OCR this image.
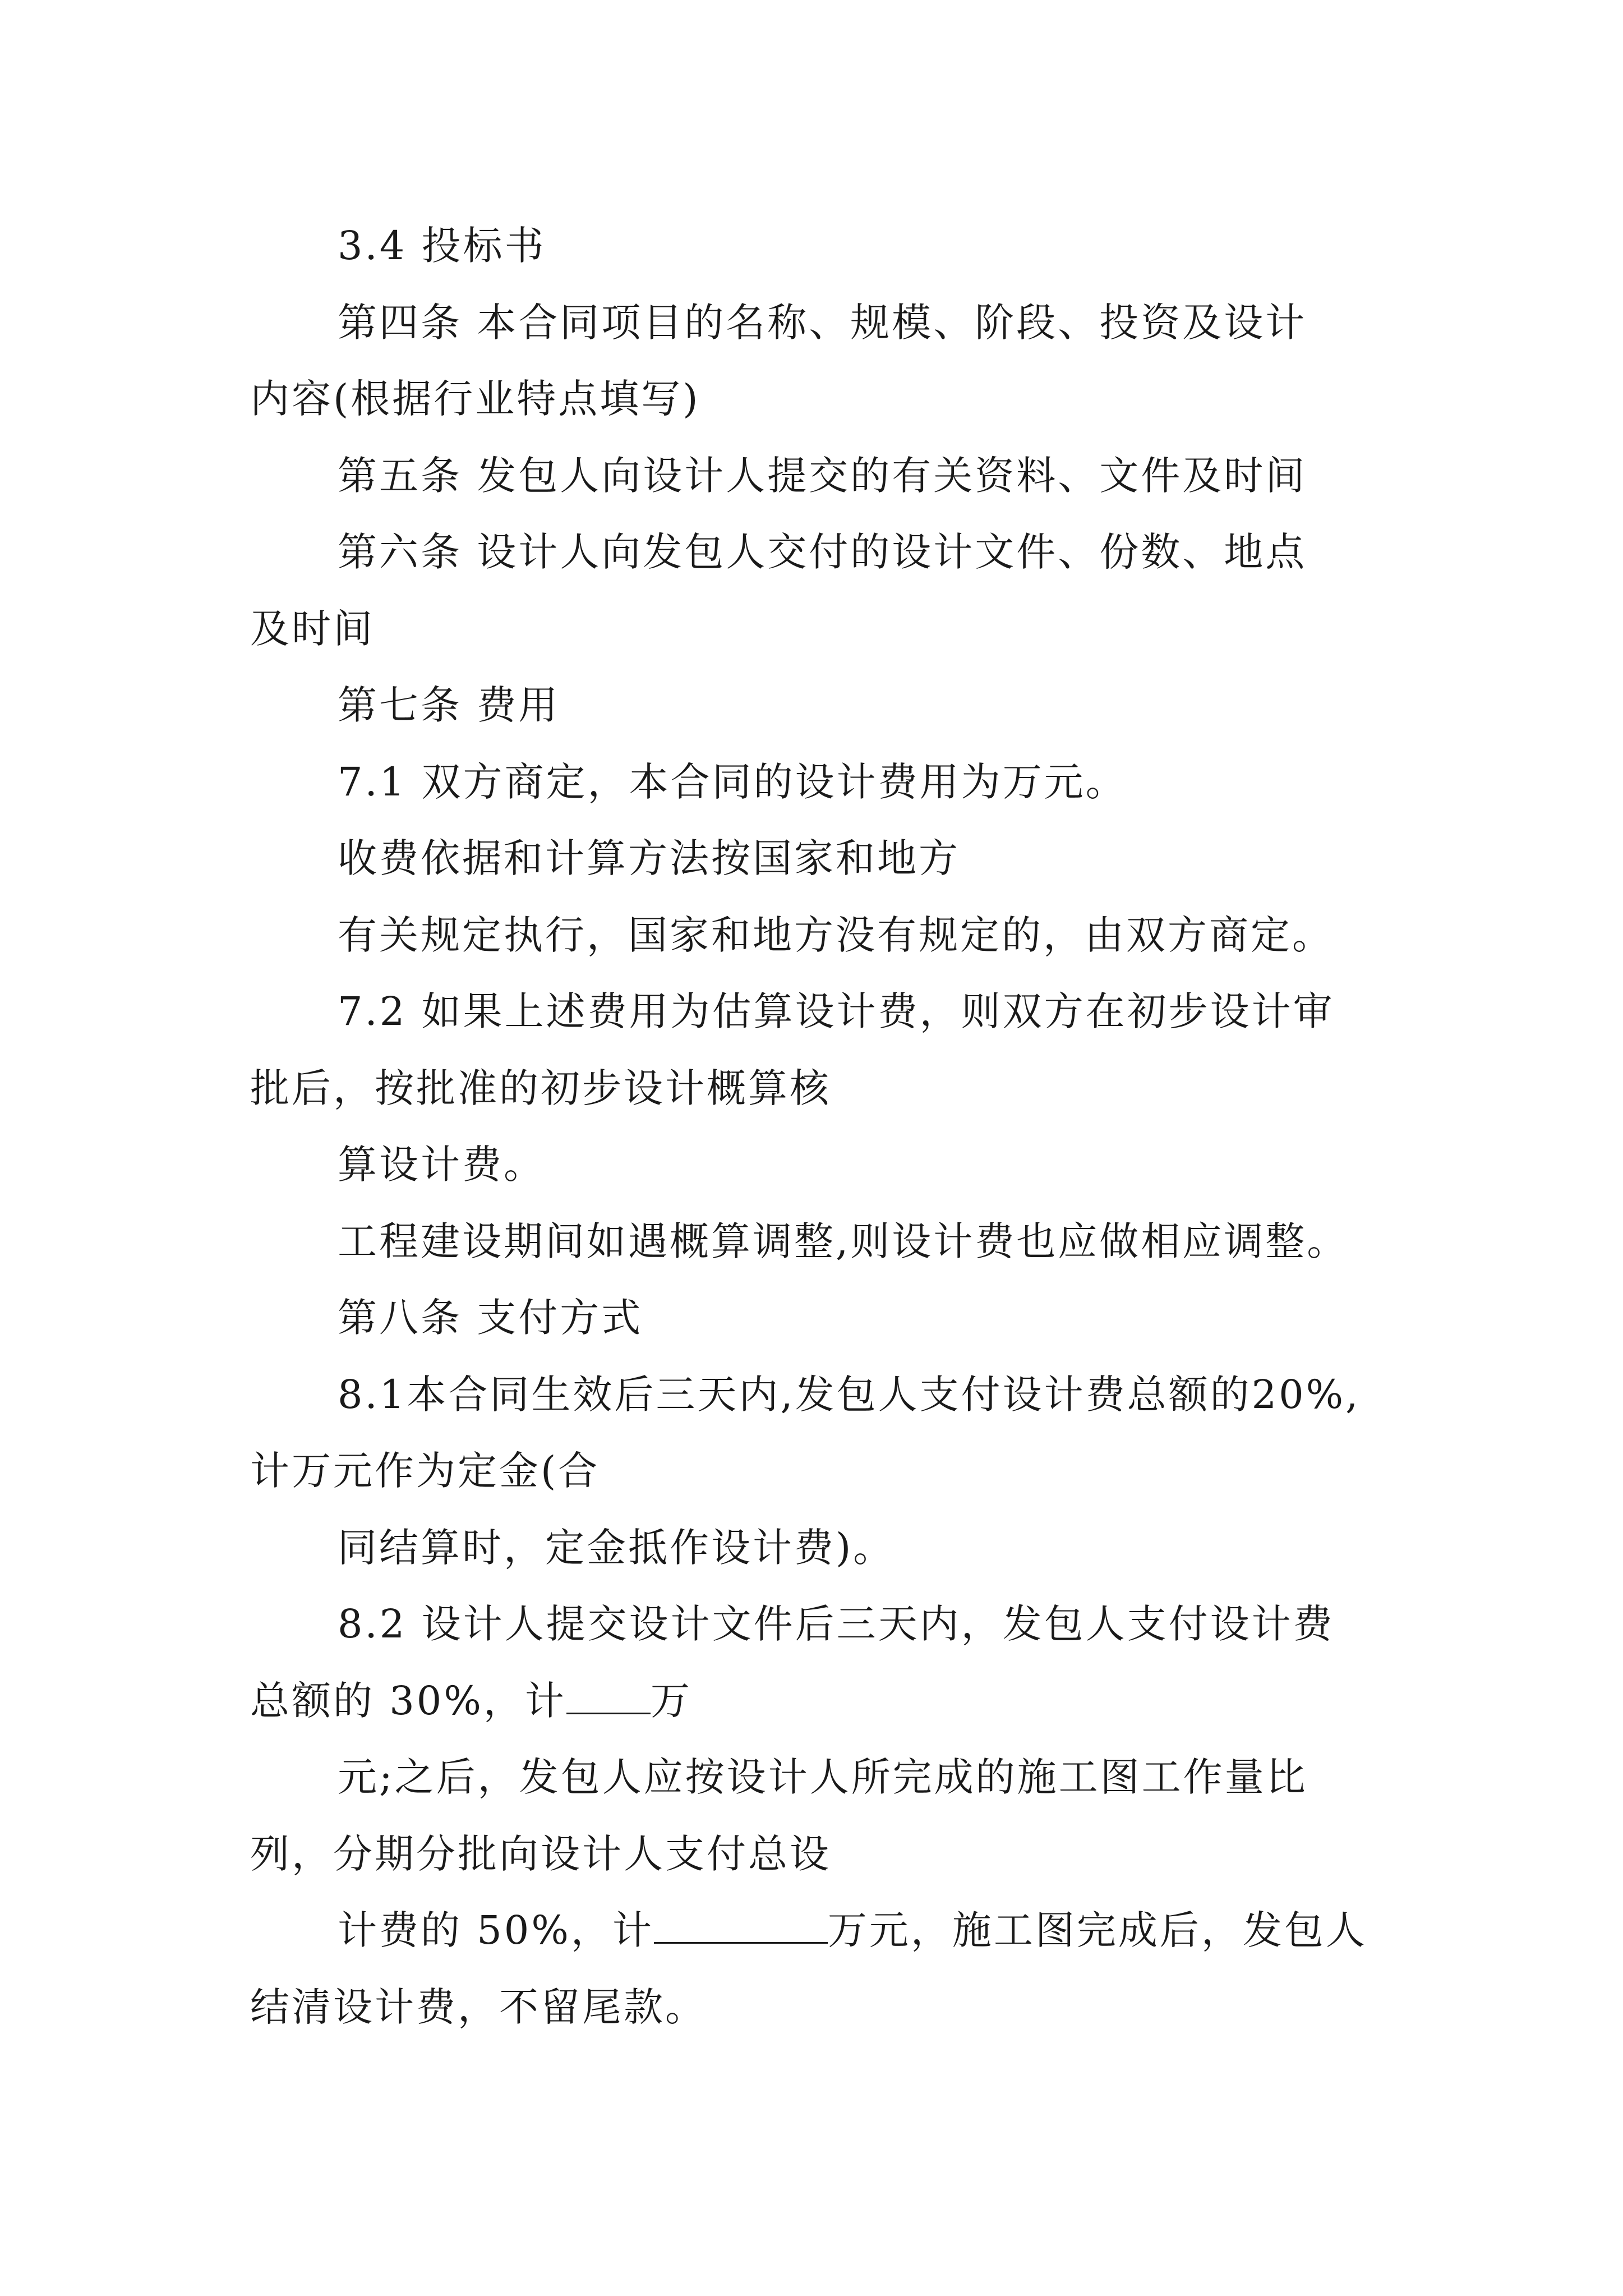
3.4 投标书

第四条 本合同项目的名称、规模、阶段、投资及设计

内容(根据行业特点填写)

第五条 发包人向设计人提交的有关资料、文件及时间

第六条 设计人向发包人交付的设计文件、份数、地点

及时间

第七条 费用

7.1 双方商定，本合同的设计费用为万元。

收费依据和计算方法按国家和地方

有关规定执行，国家和地方没有规定的，由双方商定。

7.2 如果上述费用为估算设计费，则双方在初步设计审

批后，按批准的初步设计概算核

算设计费。

工程建设期间如遇概算调整,则设计费也应做相应调整。

第八条 支付方式

8.1本合同生效后三天内,发包人支付设计费总额的20%,

计万元作为定金(合

同结算时，定金抵作设计费)。

8.2 设计人提交设计文件后三天内，发包人支付设计费

总额的 30%，计 万

元;之后，发包人应按设计人所完成的施工图工作量比

列，分期分批向设计人支付总设

计费的 50%，计	万元，施工图完成后，发包人

结清设计费，不留尾款。
